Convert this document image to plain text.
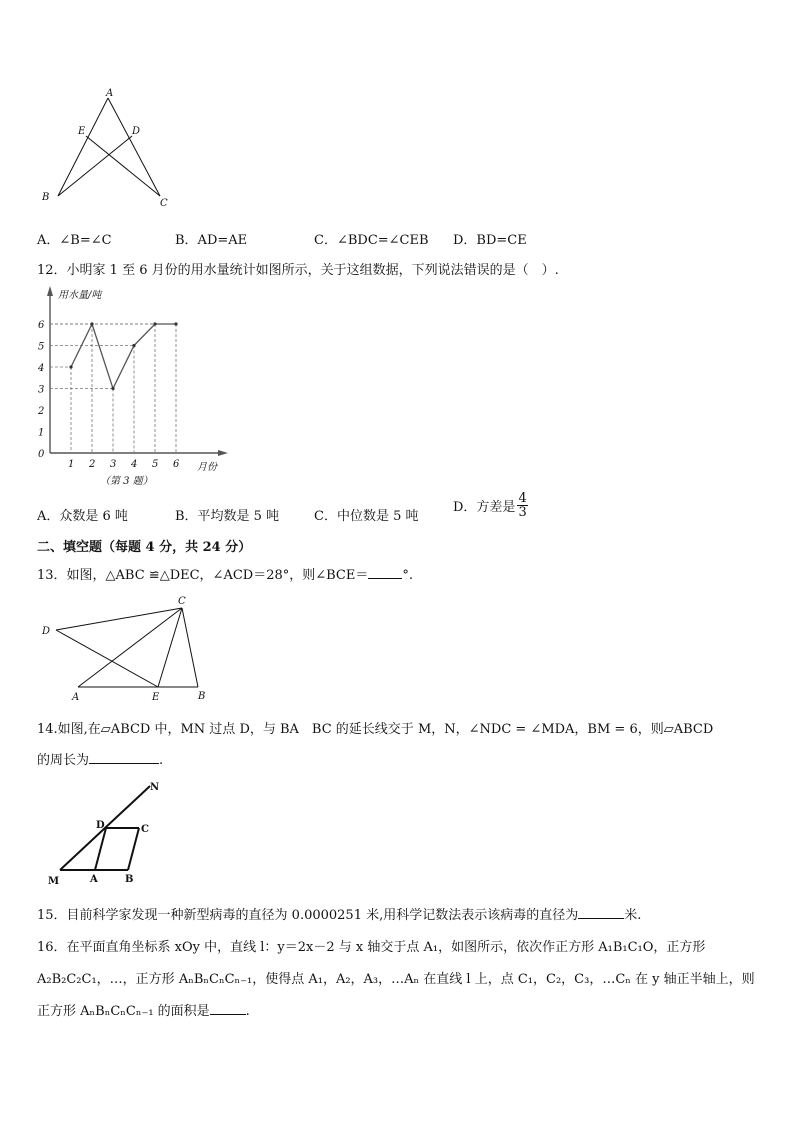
A
E	D
B
C
A．∠B=∠C	B．AD=AE	C．∠BDC=∠CEB D．BD=CE
12．小明家 1 至 6 月份的用水量统计如图所示，关于这组数据，下列说法错误的是（　）.
1 2 3 4 5 6
0
1
2
3
4
5
6
用水量/吨
月份
（第 3 题）
A．众数是 6 吨	B．平均数是 5 吨	C．中位数是 5 吨
D．方差是 $\frac{4}{3}$
二、填空题（每题 4 分，共 24 分）
13．如图，△ABC ≌△DEC，∠ACD＝28°，则∠BCE＝	°.
C
D
A	E	B
14.如图,在▱ABCD 中，MN 过点 D，与 BA　BC 的延长线交于 M，N，∠NDC = ∠MDA，BM = 6，则▱ABCD
的周长为	.
N
D	C
M	A	B
15．目前科学家发现一种新型病毒的直径为 0.0000251 米,用科学记数法表示该病毒的直径为	米.
16．在平面直角坐标系 xOy 中，直线 l：y＝2x－2 与 x 轴交于点 A₁，如图所示，依次作正方形 A₁B₁C₁O，正方形
A₂B₂C₂C₁，…，正方形 AₙBₙCₙCₙ₋₁，使得点 A₁，A₂，A₃，…Aₙ 在直线 l 上，点 C₁，C₂，C₃，…Cₙ 在 y 轴正半轴上，则
正方形 AₙBₙCₙCₙ₋₁ 的面积是	.
